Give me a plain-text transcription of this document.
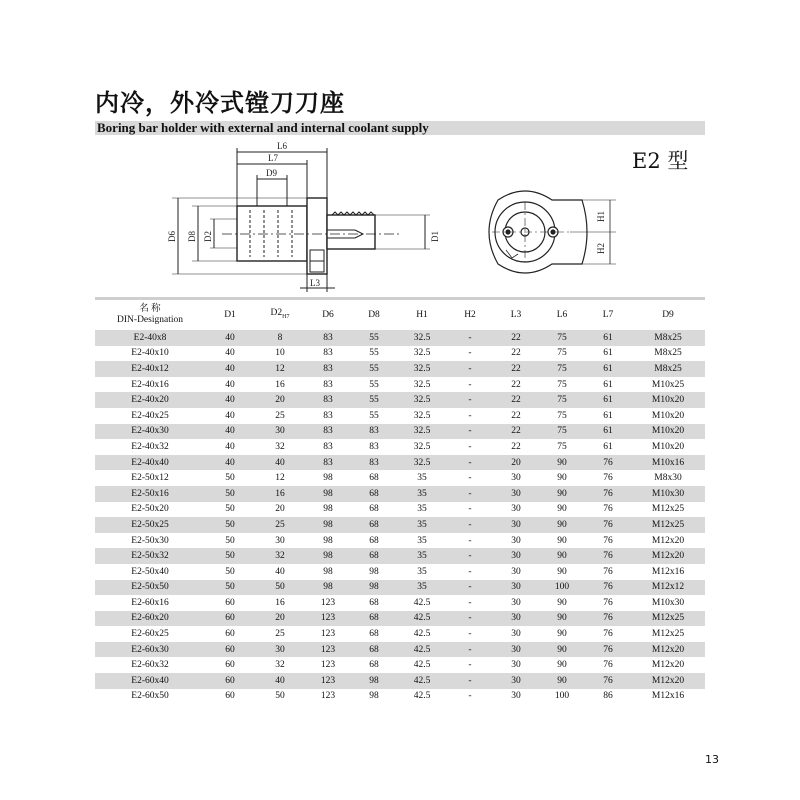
内冷，外冷式镗刀刀座
Boring bar holder with external and internal coolant supply
E2 型
L6
L7
D9
D6 D8 D2	D1
L3
H1
H2
名 称
DIN-Designation	D1	$D2_{H7}$	D6	D8	H1	H2	L3	L6	L7	D9
E2-40x8	40	8	83	55	32.5	-	22	75	61	M8x25
E2-40x10	40	10	83	55	32.5	-	22	75	61	M8x25
E2-40x12	40	12	83	55	32.5	-	22	75	61	M8x25
E2-40x16	40	16	83	55	32.5	-	22	75	61	M10x25
E2-40x20	40	20	83	55	32.5	-	22	75	61	M10x20
E2-40x25	40	25	83	55	32.5	-	22	75	61	M10x20
E2-40x30	40	30	83	83	32.5	-	22	75	61	M10x20
E2-40x32	40	32	83	83	32.5	-	22	75	61	M10x20
E2-40x40	40	40	83	83	32.5	-	20	90	76	M10x16
E2-50x12	50	12	98	68	35	-	30	90	76	M8x30
E2-50x16	50	16	98	68	35	-	30	90	76	M10x30
E2-50x20	50	20	98	68	35	-	30	90	76	M12x25
E2-50x25	50	25	98	68	35	-	30	90	76	M12x25
E2-50x30	50	30	98	68	35	-	30	90	76	M12x20
E2-50x32	50	32	98	68	35	-	30	90	76	M12x20
E2-50x40	50	40	98	98	35	-	30	90	76	M12x16
E2-50x50	50	50	98	98	35	-	30	100	76	M12x12
E2-60x16	60	16	123	68	42.5	-	30	90	76	M10x30
E2-60x20	60	20	123	68	42.5	-	30	90	76	M12x25
E2-60x25	60	25	123	68	42.5	-	30	90	76	M12x25
E2-60x30	60	30	123	68	42.5	-	30	90	76	M12x20
E2-60x32	60	32	123	68	42.5	-	30	90	76	M12x20
E2-60x40	60	40	123	98	42.5	-	30	90	76	M12x20
E2-60x50	60	50	123	98	42.5	-	30	100	86	M12x16
13
